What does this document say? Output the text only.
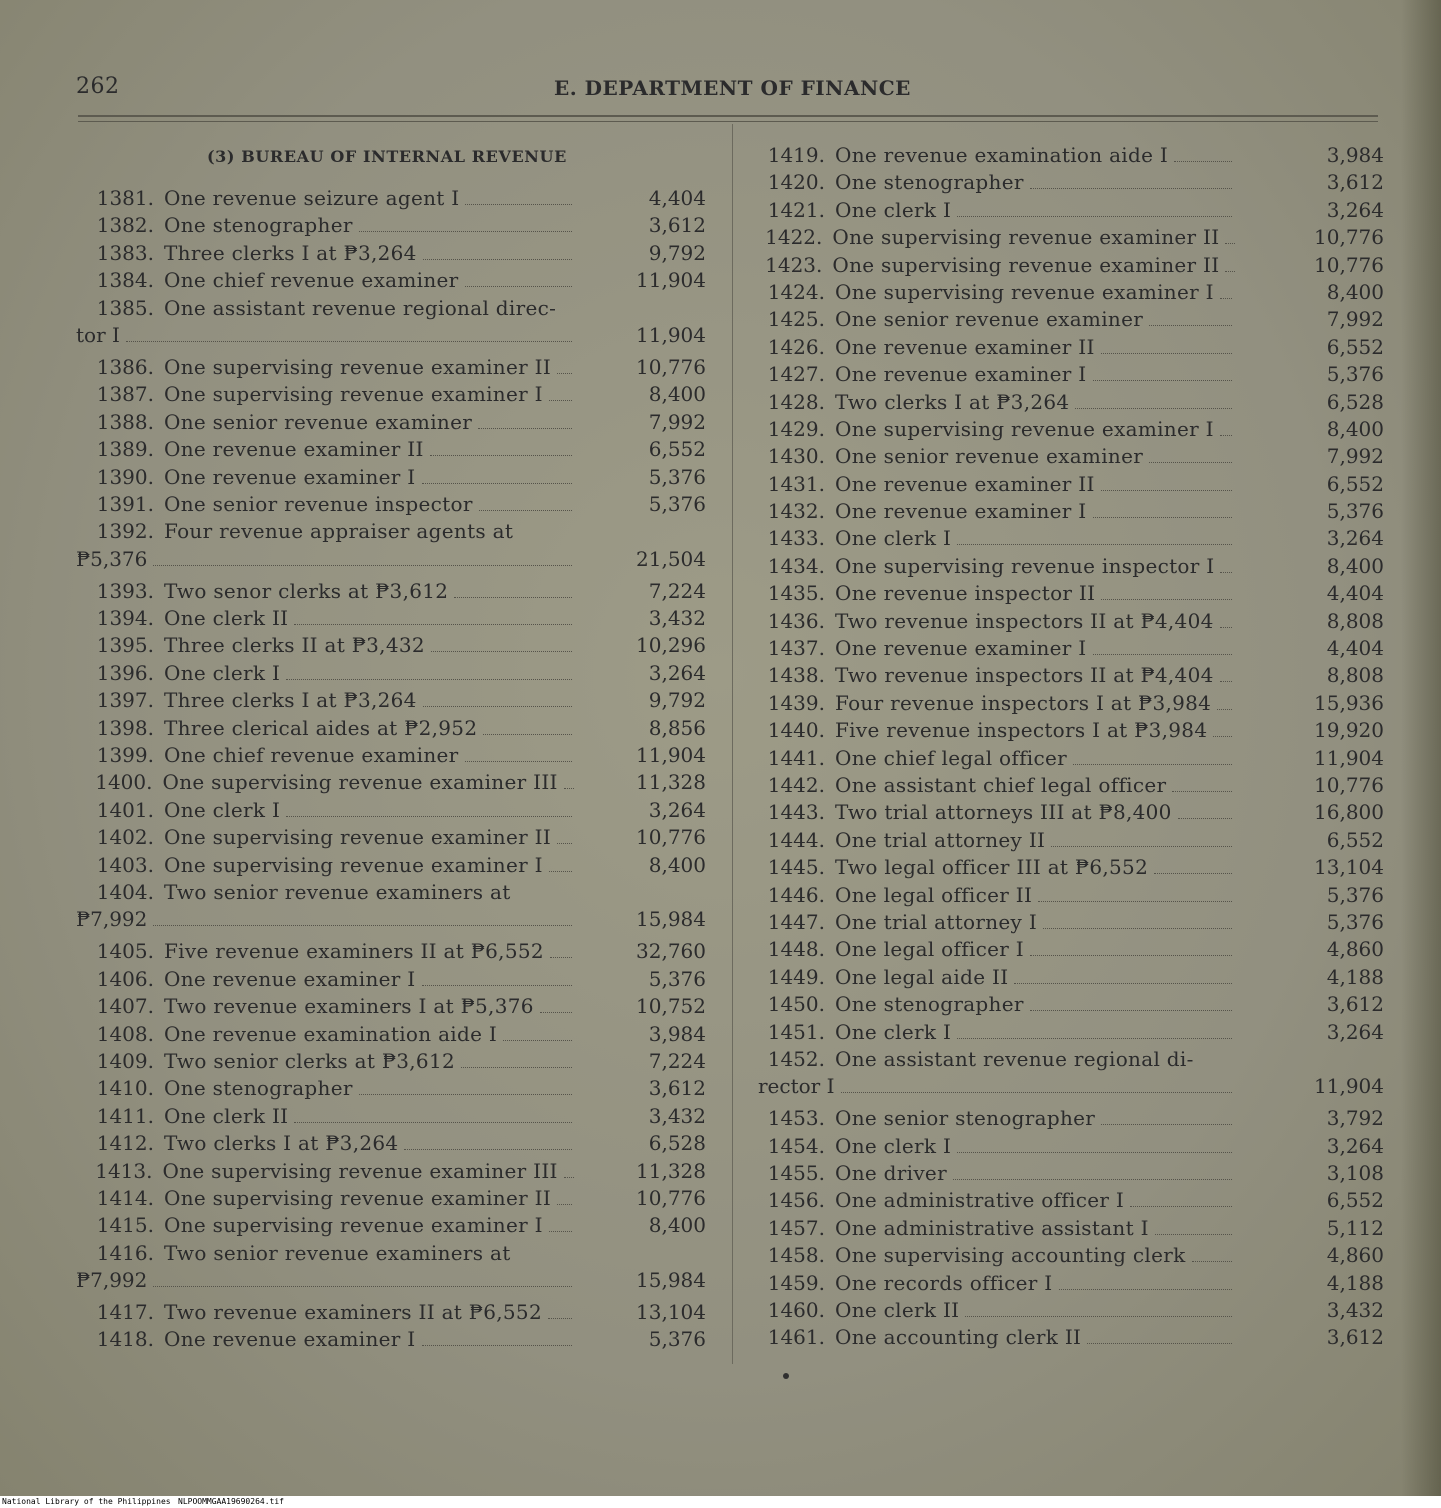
262	E. DEPARTMENT OF FINANCE
(3) BUREAU OF INTERNAL REVENUE
1381. One revenue seizure agent I	4,404
1382. One stenographer	3,612
1383. Three clerks I at ₱3,264	9,792
1384. One chief revenue examiner	11,904
1385. One assistant revenue regional direc-
tor I	11,904
1386. One supervising revenue examiner II	10,776
1387. One supervising revenue examiner I	8,400
1388. One senior revenue examiner	7,992
1389. One revenue examiner II	6,552
1390. One revenue examiner I	5,376
1391. One senior revenue inspector	5,376
1392. Four revenue appraiser agents at
₱5,376	21,504
1393. Two senor clerks at ₱3,612	7,224
1394. One clerk II	3,432
1395. Three clerks II at ₱3,432	10,296
1396. One clerk I	3,264
1397. Three clerks I at ₱3,264	9,792
1398. Three clerical aides at ₱2,952	8,856
1399. One chief revenue examiner	11,904
1400. One supervising revenue examiner III	11,328
1401. One clerk I	3,264
1402. One supervising revenue examiner II	10,776
1403. One supervising revenue examiner I	8,400
1404. Two senior revenue examiners at
₱7,992	15,984
1405. Five revenue examiners II at ₱6,552	32,760
1406. One revenue examiner I	5,376
1407. Two revenue examiners I at ₱5,376	10,752
1408. One revenue examination aide I	3,984
1409. Two senior clerks at ₱3,612	7,224
1410. One stenographer	3,612
1411. One clerk II	3,432
1412. Two clerks I at ₱3,264	6,528
1413. One supervising revenue examiner III	11,328
1414. One supervising revenue examiner II	10,776
1415. One supervising revenue examiner I	8,400
1416. Two senior revenue examiners at
₱7,992	15,984
1417. Two revenue examiners II at ₱6,552	13,104
1418. One revenue examiner I	5,376
1419. One revenue examination aide I	3,984
1420. One stenographer	3,612
1421. One clerk I	3,264
1422. One supervising revenue examiner II	10,776
1423. One supervising revenue examiner II	10,776
1424. One supervising revenue examiner I	8,400
1425. One senior revenue examiner	7,992
1426. One revenue examiner II	6,552
1427. One revenue examiner I	5,376
1428. Two clerks I at ₱3,264	6,528
1429. One supervising revenue examiner I	8,400
1430. One senior revenue examiner	7,992
1431. One revenue examiner II	6,552
1432. One revenue examiner I	5,376
1433. One clerk I	3,264
1434. One supervising revenue inspector I	8,400
1435. One revenue inspector II	4,404
1436. Two revenue inspectors II at ₱4,404	8,808
1437. One revenue examiner I	4,404
1438. Two revenue inspectors II at ₱4,404	8,808
1439. Four revenue inspectors I at ₱3,984	15,936
1440. Five revenue inspectors I at ₱3,984	19,920
1441. One chief legal officer	11,904
1442. One assistant chief legal officer	10,776
1443. Two trial attorneys III at ₱8,400	16,800
1444. One trial attorney II	6,552
1445. Two legal officer III at ₱6,552	13,104
1446. One legal officer II	5,376
1447. One trial attorney I	5,376
1448. One legal officer I	4,860
1449. One legal aide II	4,188
1450. One stenographer	3,612
1451. One clerk I	3,264
1452. One assistant revenue regional di-
rector I	11,904
1453. One senior stenographer	3,792
1454. One clerk I	3,264
1455. One driver	3,108
1456. One administrative officer I	6,552
1457. One administrative assistant I	5,112
1458. One supervising accounting clerk	4,860
1459. One records officer I	4,188
1460. One clerk II	3,432
1461. One accounting clerk II	3,612
National Library of the Philippines NLPOOMMGAA19690264.tif
